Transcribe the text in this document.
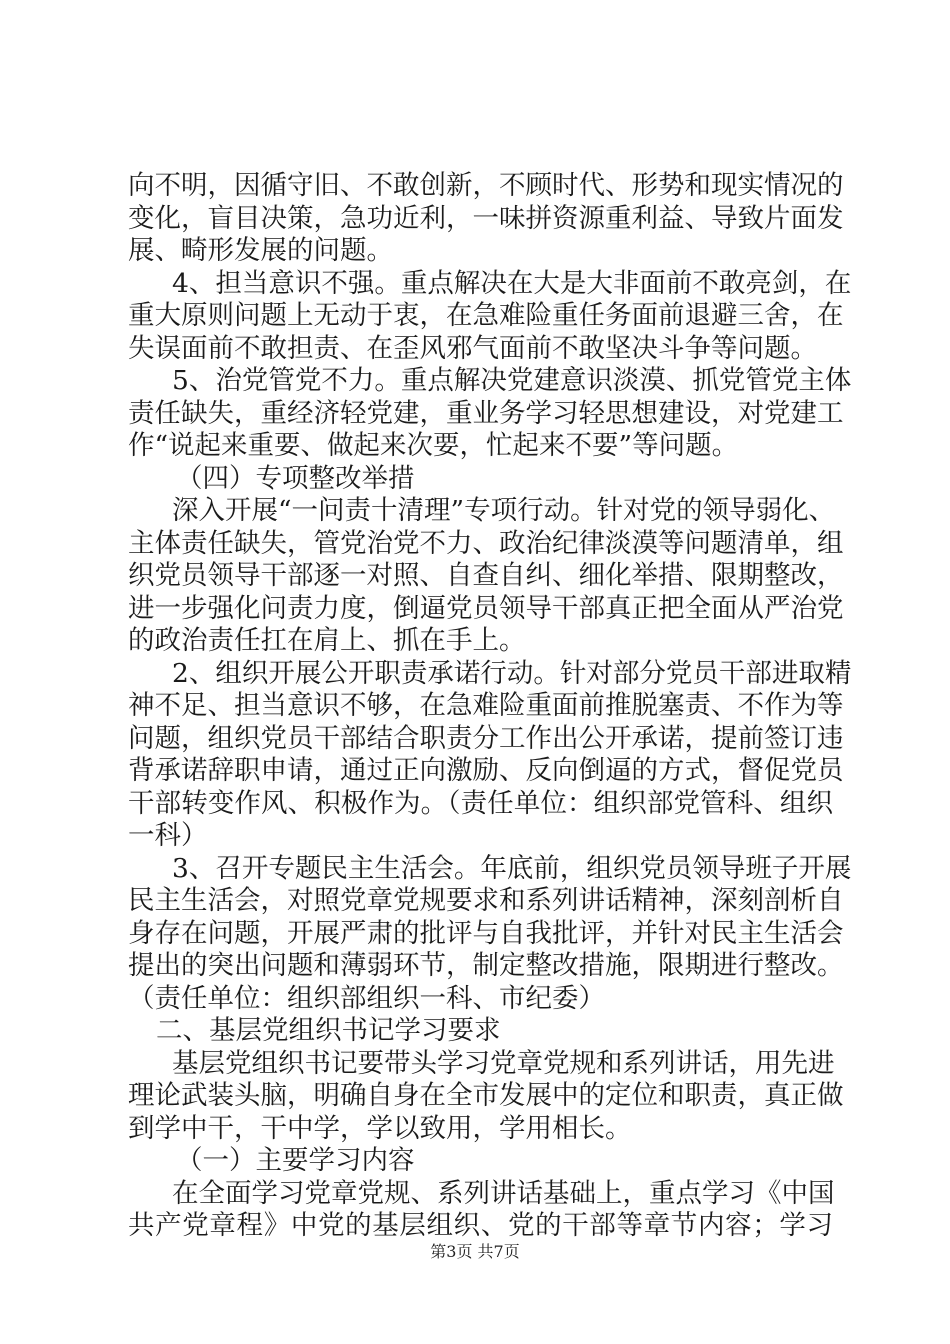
向不明，因循守旧、不敢创新，不顾时代、形势和现实情况的
变化，盲目决策，急功近利，一味拼资源重利益、导致片面发
展、畸形发展的问题。
4、担当意识不强。重点解决在大是大非面前不敢亮剑，在
重大原则问题上无动于衷，在急难险重任务面前退避三舍，在
失误面前不敢担责、在歪风邪气面前不敢坚决斗争等问题。
5、治党管党不力。重点解决党建意识淡漠、抓党管党主体
责任缺失，重经济轻党建，重业务学习轻思想建设，对党建工
作“说起来重要、做起来次要，忙起来不要”等问题。
（四）专项整改举措
深入开展“一问责十清理”专项行动。针对党的领导弱化、
主体责任缺失，管党治党不力、政治纪律淡漠等问题清单，组
织党员领导干部逐一对照、自查自纠、细化举措、限期整改，
进一步强化问责力度，倒逼党员领导干部真正把全面从严治党
的政治责任扛在肩上、抓在手上。
2、组织开展公开职责承诺行动。针对部分党员干部进取精
神不足、担当意识不够，在急难险重面前推脱塞责、不作为等
问题，组织党员干部结合职责分工作出公开承诺，提前签订违
背承诺辞职申请，通过正向激励、反向倒逼的方式，督促党员
干部转变作风、积极作为。（责任单位：组织部党管科、组织
一科）
3、召开专题民主生活会。年底前，组织党员领导班子开展
民主生活会，对照党章党规要求和系列讲话精神，深刻剖析自
身存在问题，开展严肃的批评与自我批评，并针对民主生活会
提出的突出问题和薄弱环节，制定整改措施，限期进行整改。
（责任单位：组织部组织一科、市纪委）
二、基层党组织书记学习要求
基层党组织书记要带头学习党章党规和系列讲话，用先进
理论武装头脑，明确自身在全市发展中的定位和职责，真正做
到学中干，干中学，学以致用，学用相长。
（一）主要学习内容
在全面学习党章党规、系列讲话基础上，重点学习《中国
共产党章程》中党的基层组织、党的干部等章节内容；学习
第3页 共7页
